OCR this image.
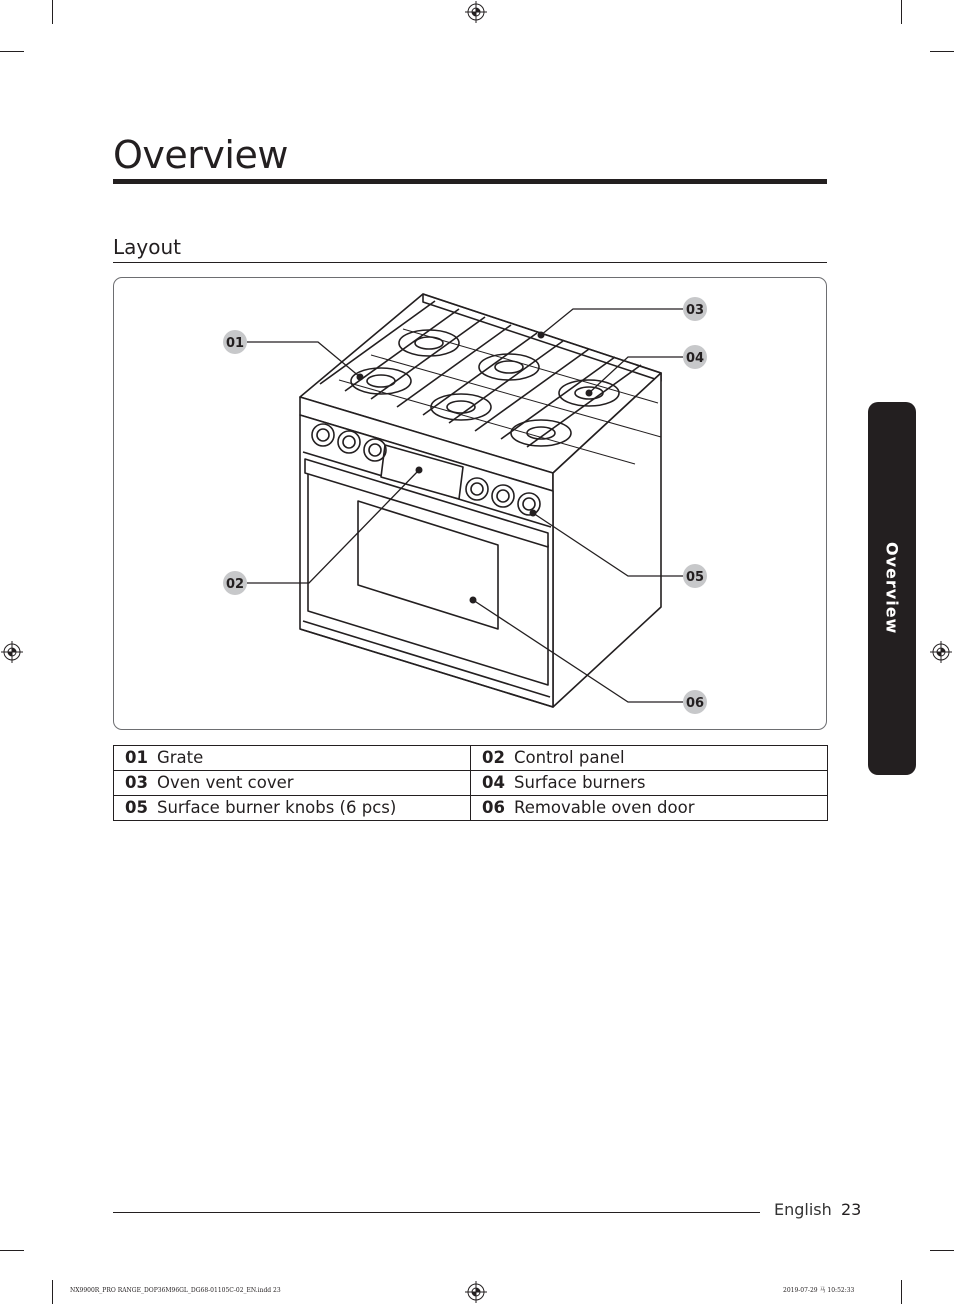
Overview
Layout
01
02
03
04
05
06
01 Grate	02 Control panel
03 Oven vent cover	04 Surface burners
05 Surface burner knobs (6 pcs)	06 Removable oven door
Overview
English 23
NX9900R_PRO RANGE_DOP36M96GL_DG68-01105C-02_EN.indd 23	2019-07-29 ⻢ 10:52:33
